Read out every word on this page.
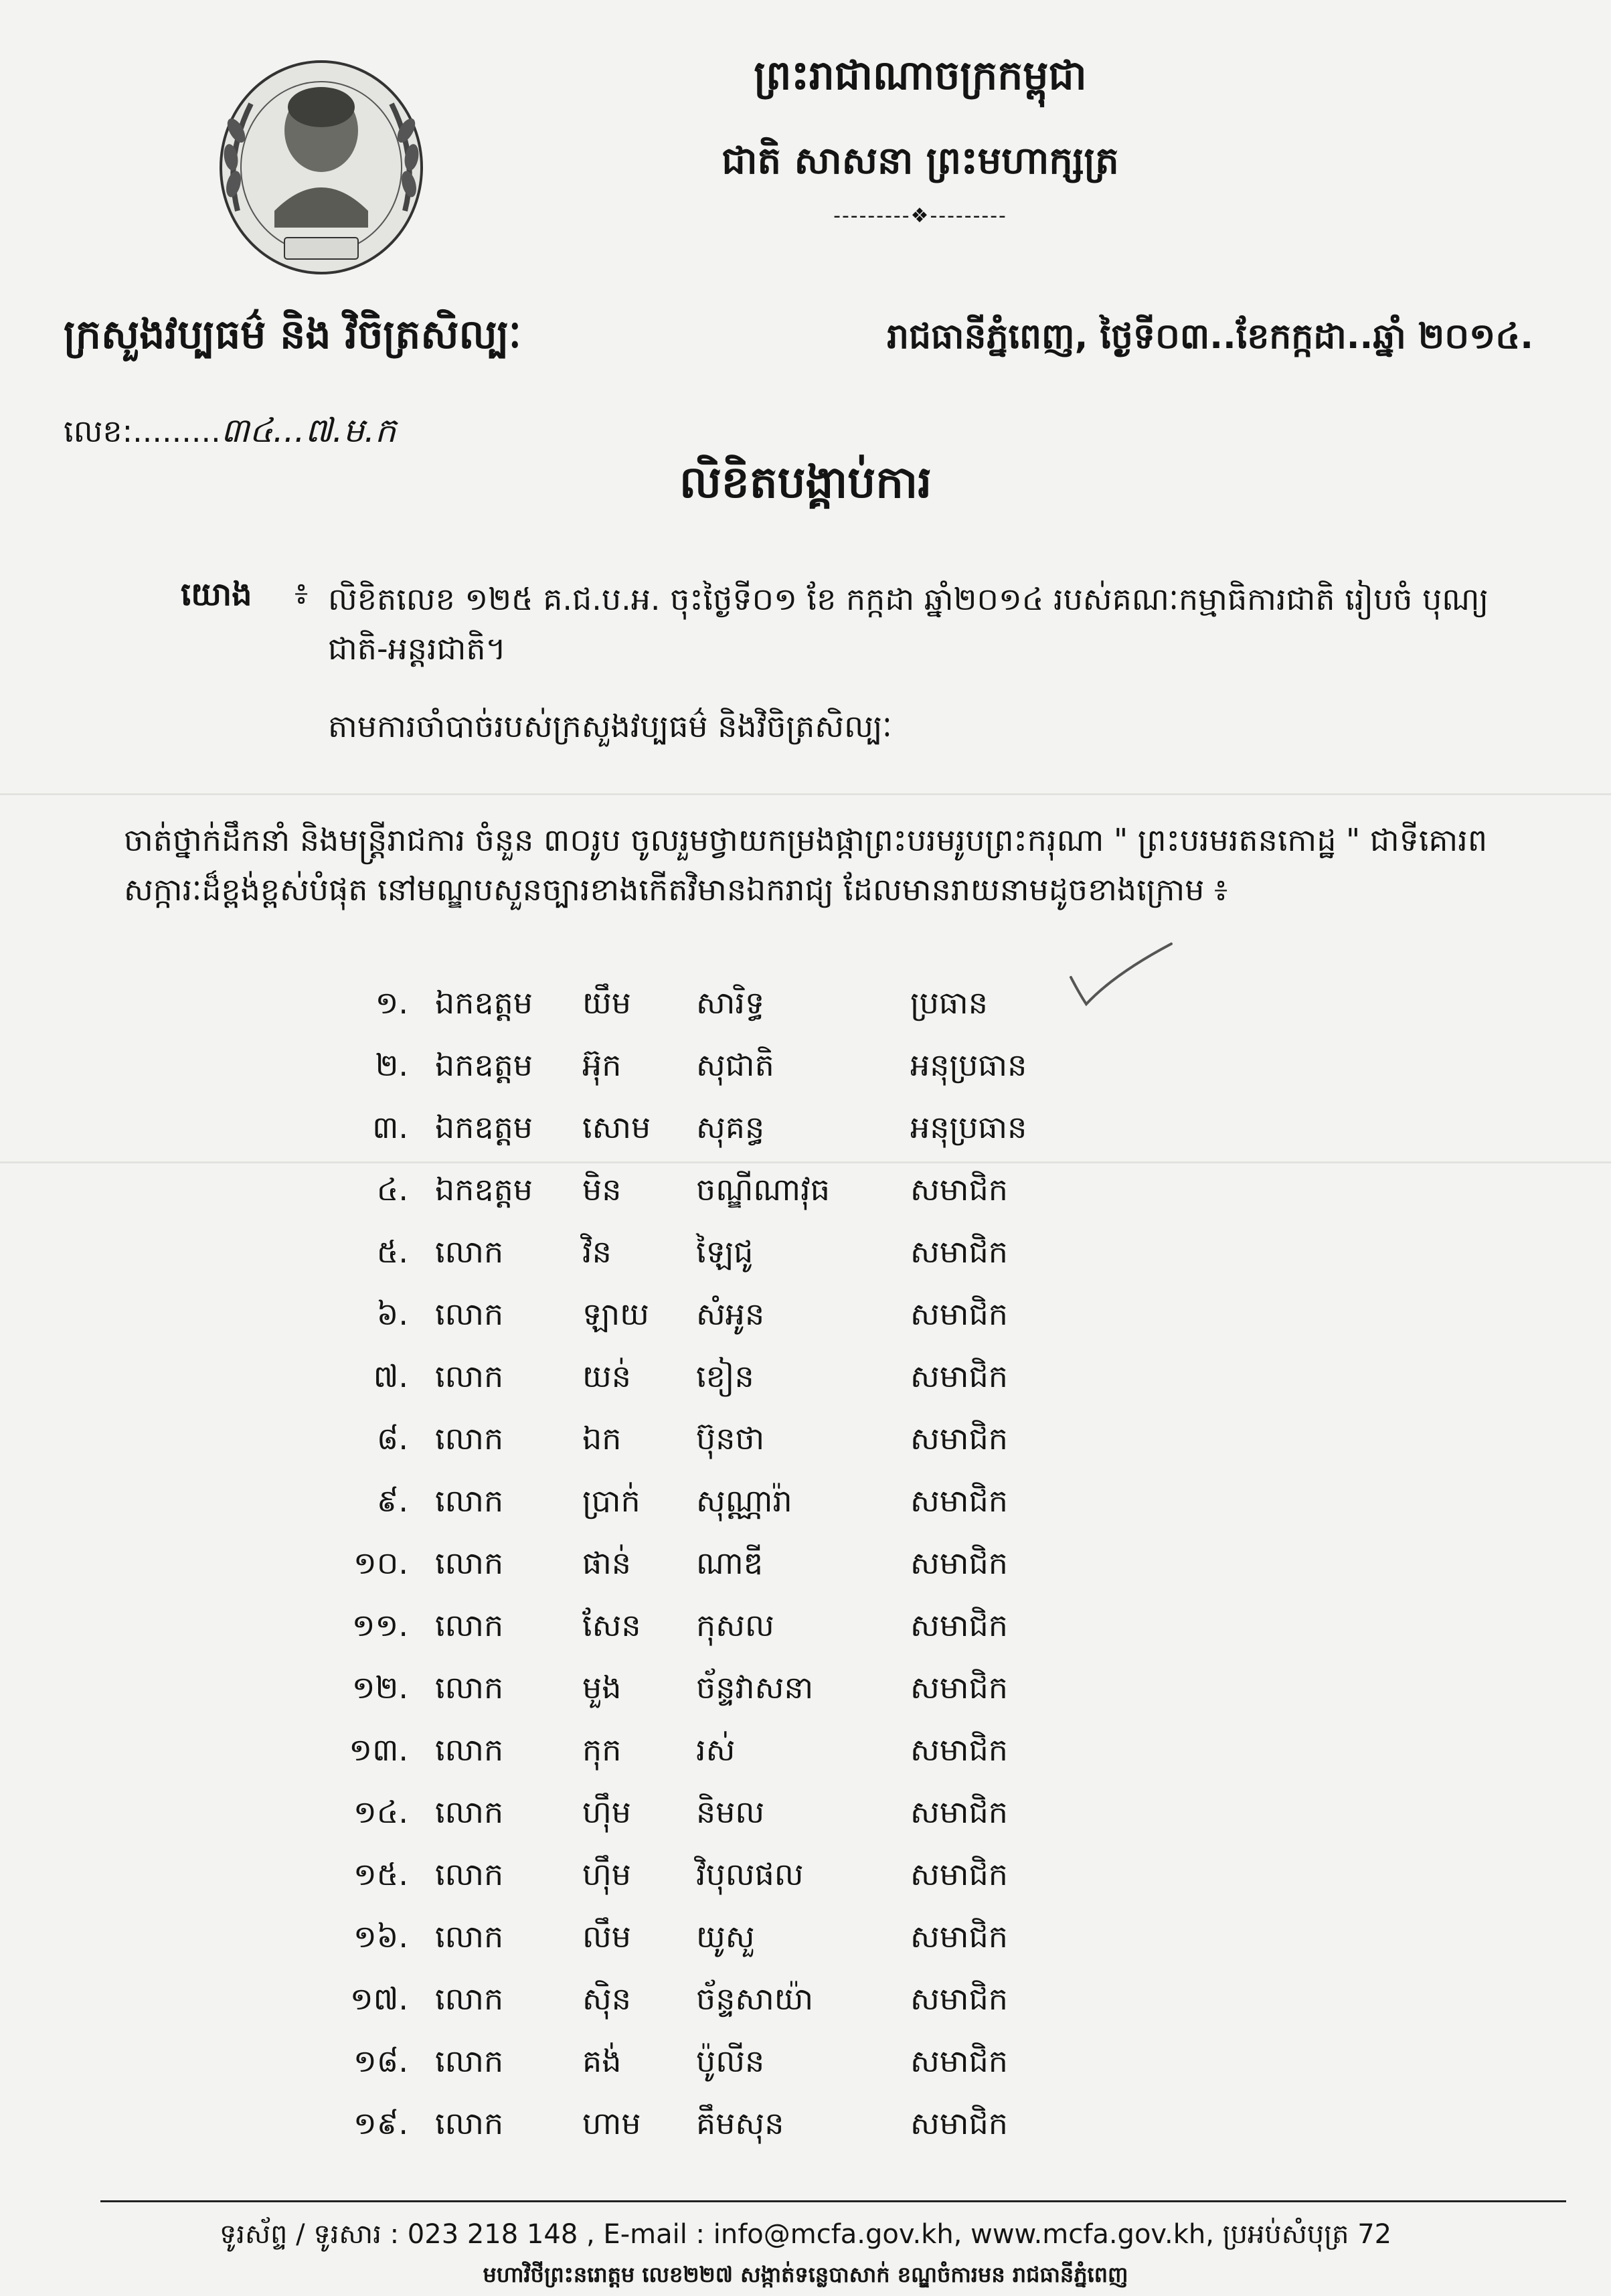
ព្រះរាជាណាចក្រកម្ពុជា
ជាតិ សាសនា ព្រះមហាក្សត្រ
---------❖---------
ក្រសួងវប្បធម៌ និង វិចិត្រសិល្បៈ	រាជធានីភ្នំពេញ, ថ្ងៃទី០៣..ខែកក្កដា..ឆ្នាំ ២០១៤.
លេខ:.........៣៤...៧.ម.ក
លិខិតបង្គាប់ការ
យោង ៖ លិខិតលេខ ១២៥ គ.ជ.ប.អ. ចុះថ្ងៃទី០១ ខែ កក្កដា ឆ្នាំ២០១៤ របស់គណៈកម្មាធិការជាតិ រៀបចំ បុណ្យជាតិ-អន្តរជាតិ។
តាមការចាំបាច់របស់ក្រសួងវប្បធម៌ និងវិចិត្រសិល្បៈ
ចាត់ថ្នាក់ដឹកនាំ និងមន្ត្រីរាជការ ចំនួន ៣០រូប ចូលរួមថ្វាយកម្រងផ្កាព្រះបរមរូបព្រះករុណា " ព្រះបរមរតនកោដ្ឋ " ជាទីគោរពសក្ការៈដ៏ខ្ពង់ខ្ពស់បំផុត នៅមណ្ឌបសួនច្បារខាងកើតវិមានឯករាជ្យ ដែលមានរាយនាមដូចខាងក្រោម ៖
១. ឯកឧត្តម យឹម សារិទ្ធ	ប្រធាន
២. ឯកឧត្តម អ៊ុក សុជាតិ	អនុប្រធាន
៣. ឯកឧត្តម សោម សុគន្ធ	អនុប្រធាន
៤. ឯកឧត្តម មិន ចណ្ឌីណាវុធ	សមាជិក
៥. លោក	វិន	ឡៃជូ	សមាជិក
៦. លោក	ឡាយ សំអូន	សមាជិក
៧. លោក	យន់ ខៀន	សមាជិក
៨. លោក	ឯក ប៊ុនថា	សមាជិក
៩. លោក	ប្រាក់ សុណ្ណារ៉ា	សមាជិក
១០. លោក	ផាន់ ណាឌី	សមាជិក
១១. លោក	សែន កុសល	សមាជិក
១២. លោក	មួង ច័ន្ទវាសនា	សមាជិក
១៣. លោក	កុក រស់	សមាជិក
១៤. លោក	ហ៊ឹម និមល	សមាជិក
១៥. លោក	ហ៊ឹម វិបុលផល	សមាជិក
១៦. លោក	លឹម យូសួ	សមាជិក
១៧. លោក	ស៊ិន ច័ន្ទសាយ៉ា	សមាជិក
១៨. លោក	គង់ ប៉ូលីន	សមាជិក
១៩. លោក	ហាម គឹមសុន	សមាជិក
ទូរស័ព្ទ / ទូរសារ : 023 218 148 , E-mail : info@mcfa.gov.kh, www.mcfa.gov.kh, ប្រអប់សំបុត្រ 72
មហាវិថីព្រះនរោត្តម លេខ២២៧ សង្កាត់ទន្លេបាសាក់ ខណ្ឌចំការមន រាជធានីភ្នំពេញ
